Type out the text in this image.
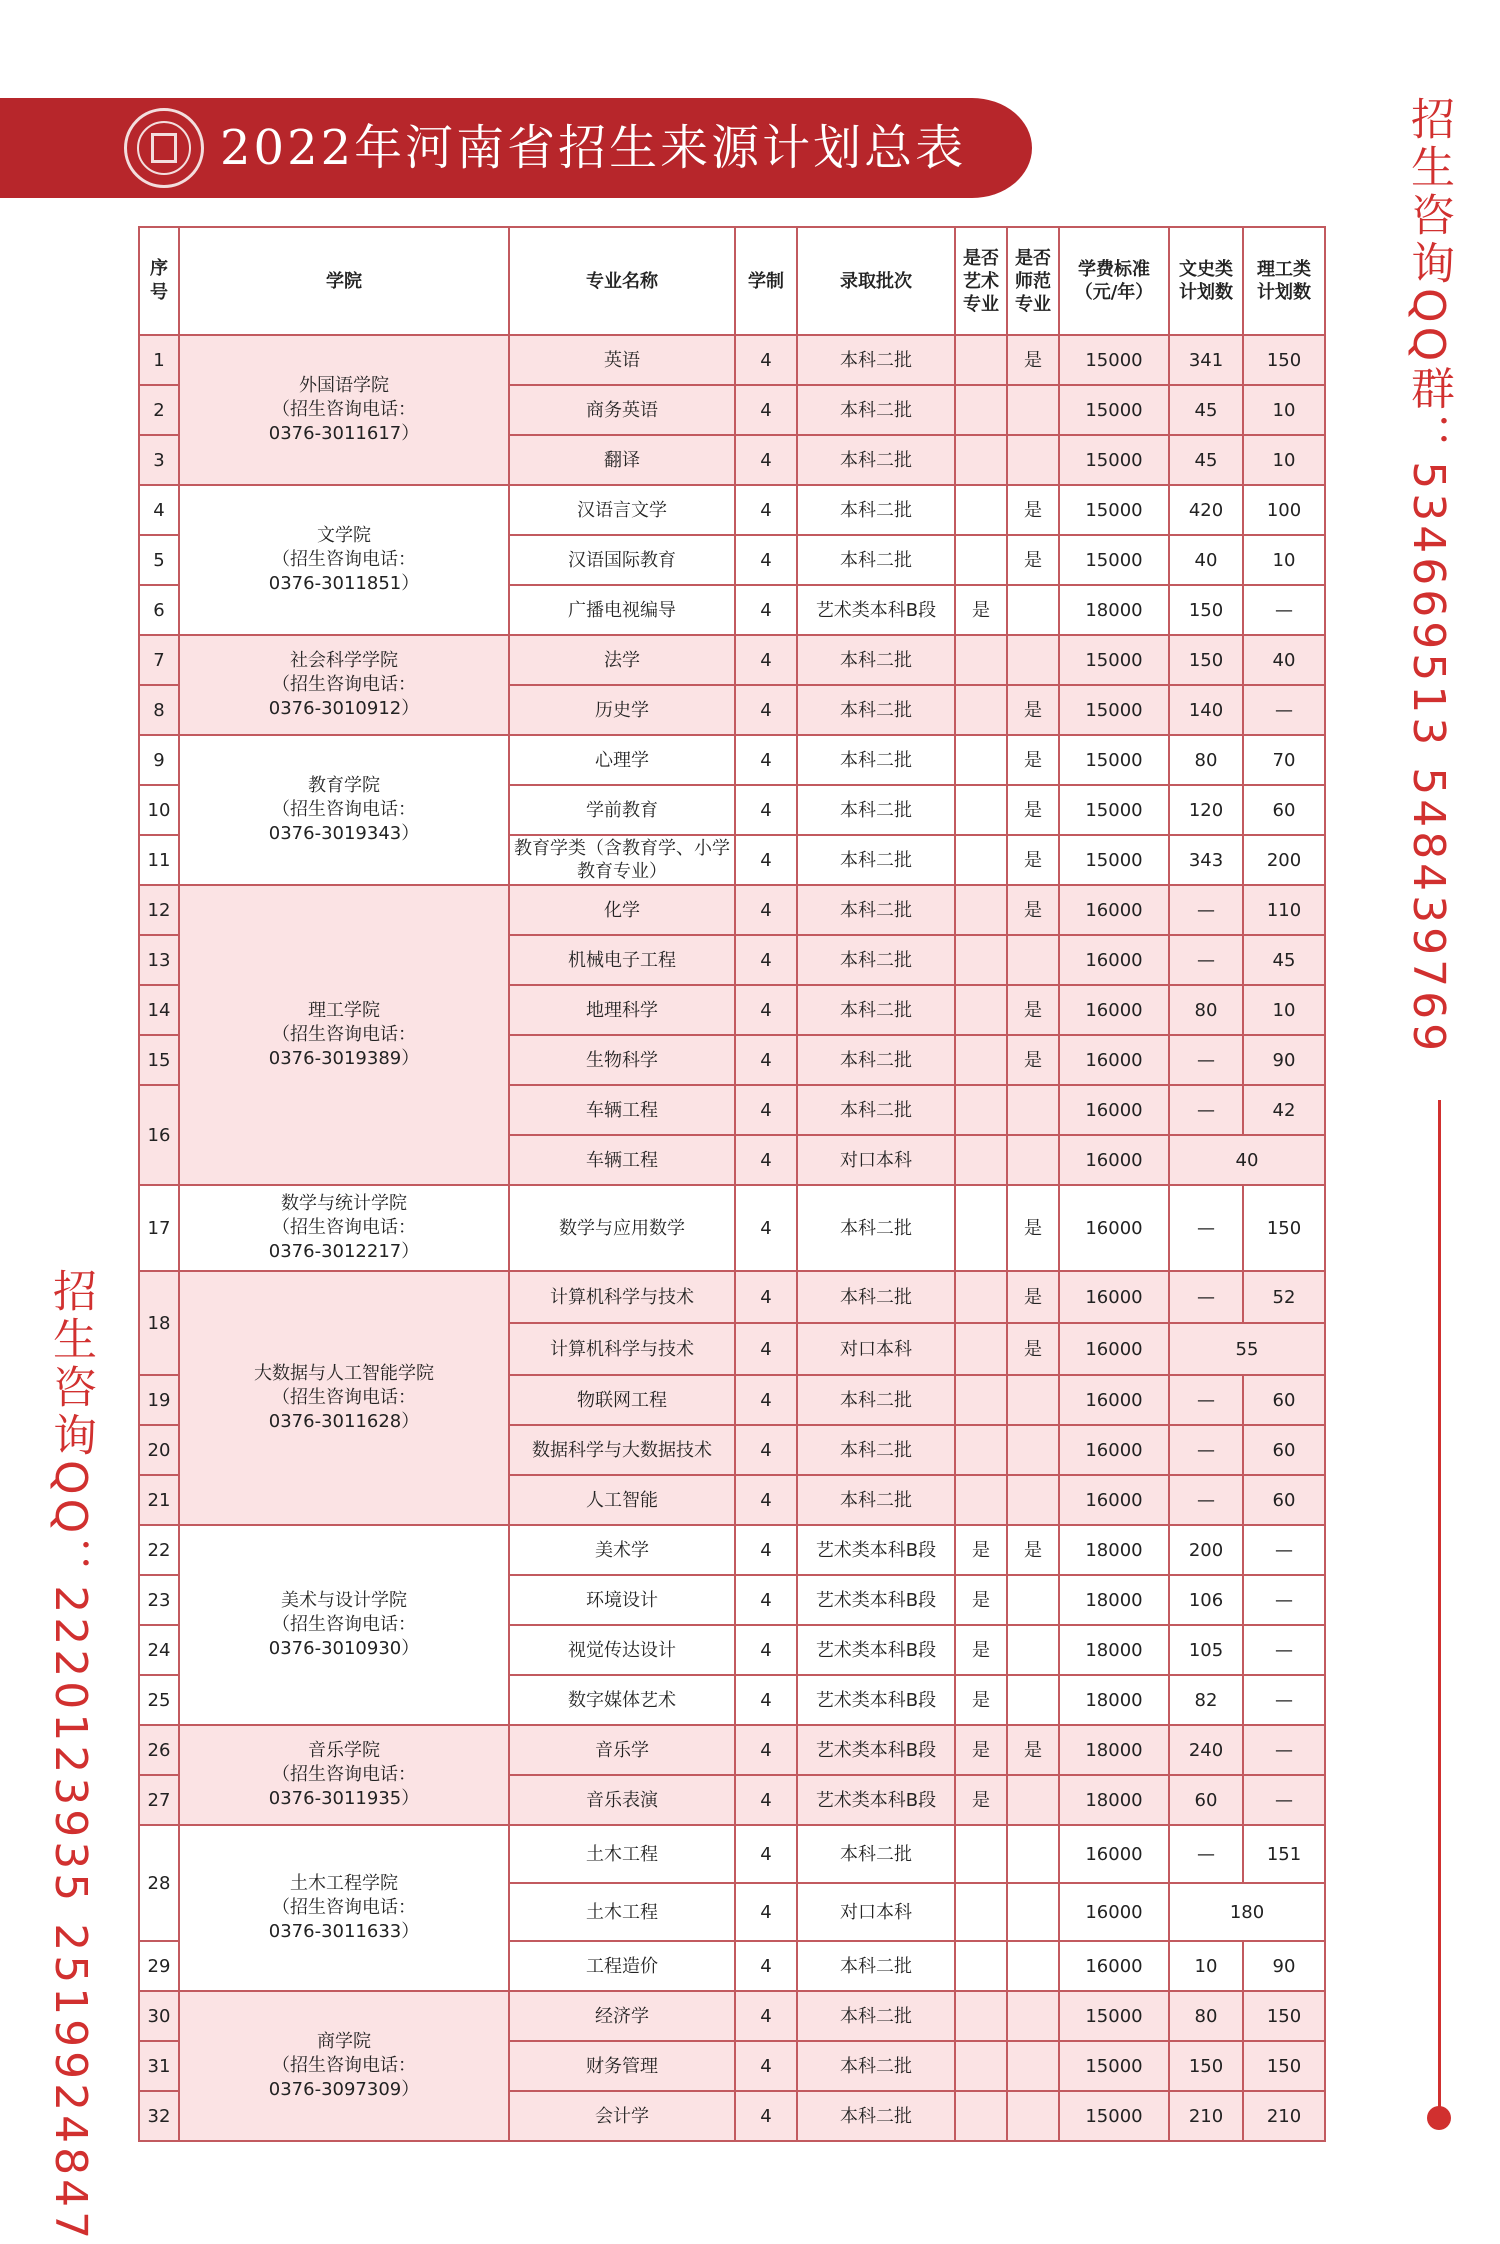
2022年河南省招生来源计划总表
序号	学院	专业名称	学制	录取批次	是否艺术专业	是否师范专业	学费标准（元/年）	文史类计划数	理工类计划数
1	外国语学院
（招生咨询电话：
0376-3011617）	英语	4	本科二批		是	15000	341	150
2		商务英语	4	本科二批			15000	45	10
3		翻译	4	本科二批			15000	45	10
4	文学院
（招生咨询电话：
0376-3011851）	汉语言文学	4	本科二批		是	15000	420	100
5		汉语国际教育	4	本科二批		是	15000	40	10
6		广播电视编导	4	艺术类本科B段	是		18000	150	—
7	社会科学学院
（招生咨询电话：
0376-3010912）	法学	4	本科二批			15000	150	40
8		历史学	4	本科二批		是	15000	140	—
9	教育学院
（招生咨询电话：
0376-3019343）	心理学	4	本科二批		是	15000	80	70
10		学前教育	4	本科二批		是	15000	120	60
11		教育学类（含教育学、小学教育专业）	4	本科二批		是	15000	343	200
12	理工学院
（招生咨询电话：
0376-3019389）	化学	4	本科二批		是	16000	—	110
13		机械电子工程	4	本科二批			16000	—	45
14		地理科学	4	本科二批		是	16000	80	10
15		生物科学	4	本科二批		是	16000	—	90
16		车辆工程	4	本科二批			16000	—	42
		车辆工程	4	对口本科			16000	40	
17	数学与统计学院
（招生咨询电话：
0376-3012217）	数学与应用数学	4	本科二批		是	16000	—	150
18	大数据与人工智能学院
（招生咨询电话：
0376-3011628）	计算机科学与技术	4	本科二批		是	16000	—	52
		计算机科学与技术	4	对口本科		是	16000	55	
19		物联网工程	4	本科二批			16000	—	60
20		数据科学与大数据技术	4	本科二批			16000	—	60
21		人工智能	4	本科二批			16000	—	60
22	美术与设计学院
（招生咨询电话：
0376-3010930）	美术学	4	艺术类本科B段	是	是	18000	200	—
23		环境设计	4	艺术类本科B段	是		18000	106	—
24		视觉传达设计	4	艺术类本科B段	是		18000	105	—
25		数字媒体艺术	4	艺术类本科B段	是		18000	82	—
26	音乐学院
（招生咨询电话：
0376-3011935）	音乐学	4	艺术类本科B段	是	是	18000	240	—
27		音乐表演	4	艺术类本科B段	是		18000	60	—
28	土木工程学院
（招生咨询电话：
0376-3011633）	土木工程	4	本科二批			16000	—	151
		土木工程	4	对口本科			16000	180	
29		工程造价	4	本科二批			16000	10	90
30	商学院
（招生咨询电话：
0376-3097309）	经济学	4	本科二批			15000	80	150
31		财务管理	4	本科二批			15000	150	150
32		会计学	4	本科二批			15000	210	210
招生咨询QQ群：534669513 548439769
招生咨询QQ：2220123935 2519924847
